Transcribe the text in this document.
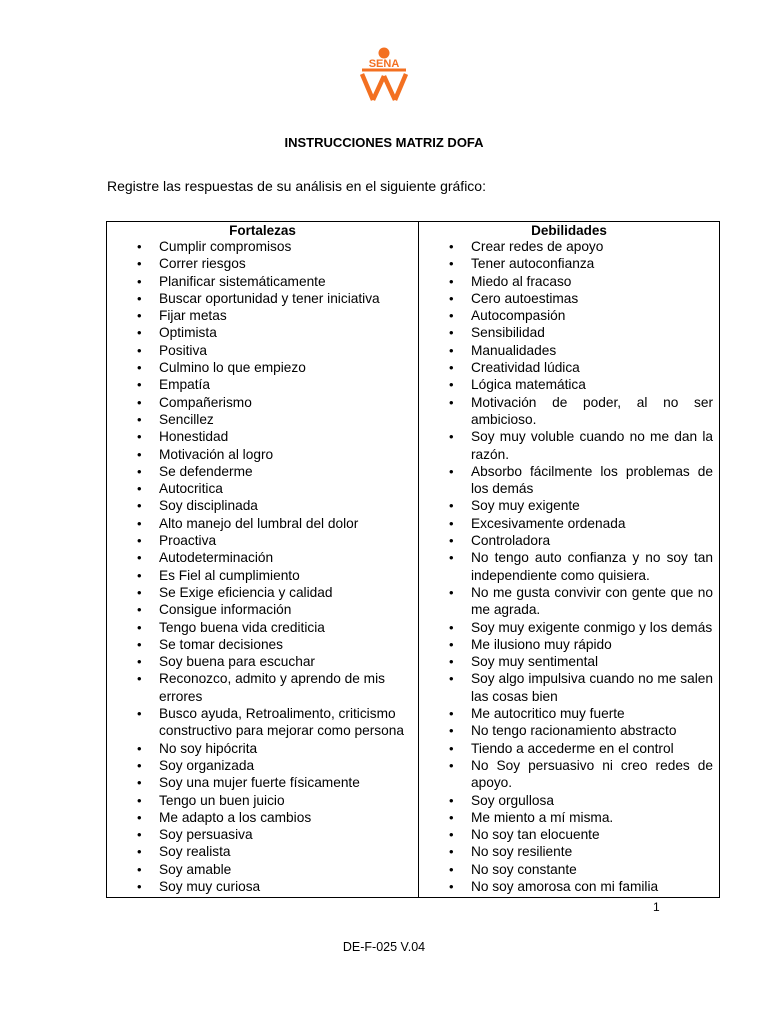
SENA
INSTRUCCIONES MATRIZ DOFA
Registre las respuestas de su análisis en el siguiente gráfico:
Fortalezas
• Cumplir compromisos
• Correr riesgos
• Planificar sistemáticamente
• Buscar oportunidad y tener iniciativa
• Fijar metas
• Optimista
• Positiva
• Culmino lo que empiezo
• Empatía
• Compañerismo
• Sencillez
• Honestidad
• Motivación al logro
• Se defenderme
• Autocritica
• Soy disciplinada
• Alto manejo del lumbral del dolor
• Proactiva
• Autodeterminación
• Es Fiel al cumplimiento
• Se Exige eficiencia y calidad
• Consigue información
• Tengo buena vida crediticia
• Se tomar decisiones
• Soy buena para escuchar
• Reconozco, admito y aprendo de mis errores
• Busco ayuda, Retroalimento, criticismo constructivo para mejorar como persona
• No soy hipócrita
• Soy organizada
• Soy una mujer fuerte físicamente
• Tengo un buen juicio
• Me adapto a los cambios
• Soy persuasiva
• Soy realista
• Soy amable
• Soy muy curiosa
Debilidades
• Crear redes de apoyo
• Tener autoconfianza
• Miedo al fracaso
• Cero autoestimas
• Autocompasión
• Sensibilidad
• Manualidades
• Creatividad lúdica
• Lógica matemática
• Motivación de poder, al no ser ambicioso.
• Soy muy voluble cuando no me dan la razón.
• Absorbo fácilmente los problemas de los demás
• Soy muy exigente
• Excesivamente ordenada
• Controladora
• No tengo auto confianza y no soy tan independiente como quisiera.
• No me gusta convivir con gente que no me agrada.
• Soy muy exigente conmigo y los demás
• Me ilusiono muy rápido
• Soy muy sentimental
• Soy algo impulsiva cuando no me salen las cosas bien
• Me autocritico muy fuerte
• No tengo racionamiento abstracto
• Tiendo a accederme en el control
• No Soy persuasivo ni creo redes de apoyo.
• Soy orgullosa
• Me miento a mí misma.
• No soy tan elocuente
• No soy resiliente
• No soy constante
• No soy amorosa con mi familia
1
DE-F-025 V.04
